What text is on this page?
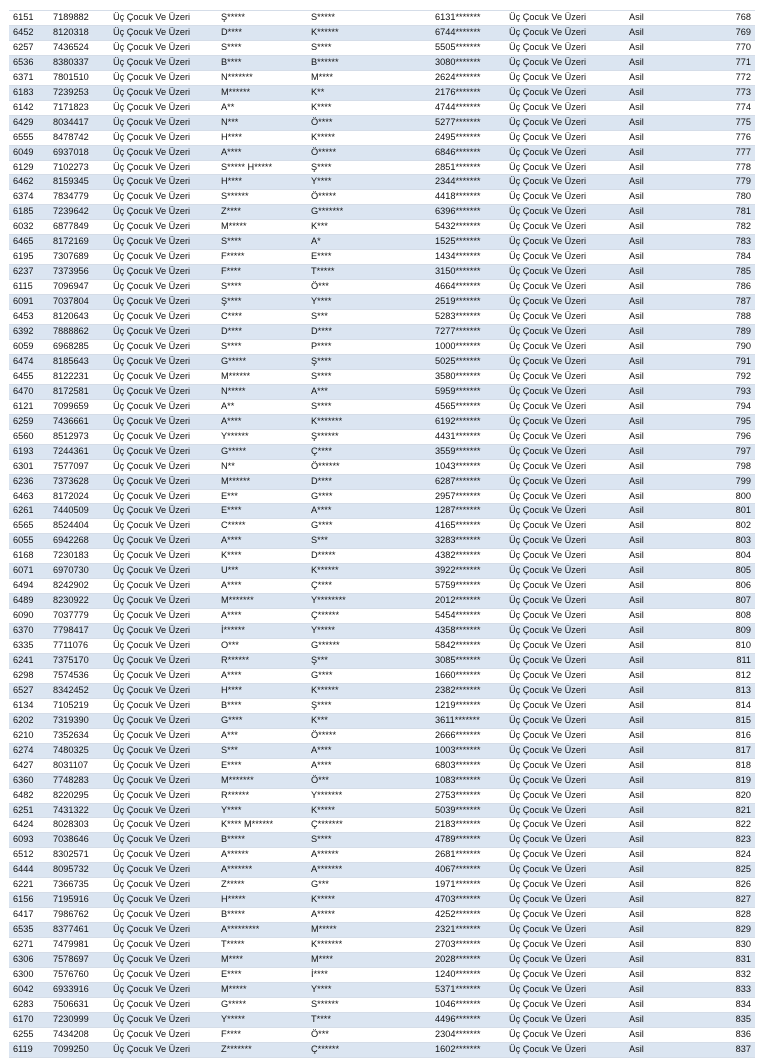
6151	7189882	Üç Çocuk Ve Üzeri	Ş*****	S*****	6131*******	Üç Çocuk Ve Üzeri	Asil	768
6452	8120318	Üç Çocuk Ve Üzeri	D****	K******	6744*******	Üç Çocuk Ve Üzeri	Asil	769
6257	7436524	Üç Çocuk Ve Üzeri	S****	S****	5505*******	Üç Çocuk Ve Üzeri	Asil	770
6536	8380337	Üç Çocuk Ve Üzeri	B****	B******	3080*******	Üç Çocuk Ve Üzeri	Asil	771
6371	7801510	Üç Çocuk Ve Üzeri	N*******	M****	2624*******	Üç Çocuk Ve Üzeri	Asil	772
6183	7239253	Üç Çocuk Ve Üzeri	M******	K**	2176*******	Üç Çocuk Ve Üzeri	Asil	773
6142	7171823	Üç Çocuk Ve Üzeri	A**	K****	4744*******	Üç Çocuk Ve Üzeri	Asil	774
6429	8034417	Üç Çocuk Ve Üzeri	N***	Ö****	5277*******	Üç Çocuk Ve Üzeri	Asil	775
6555	8478742	Üç Çocuk Ve Üzeri	H****	K*****	2495*******	Üç Çocuk Ve Üzeri	Asil	776
6049	6937018	Üç Çocuk Ve Üzeri	A****	Ö*****	6846*******	Üç Çocuk Ve Üzeri	Asil	777
6129	7102273	Üç Çocuk Ve Üzeri	S***** H*****	Ş****	2851*******	Üç Çocuk Ve Üzeri	Asil	778
6462	8159345	Üç Çocuk Ve Üzeri	H****	Y****	2344*******	Üç Çocuk Ve Üzeri	Asil	779
6374	7834779	Üç Çocuk Ve Üzeri	S******	Ö*****	4418*******	Üç Çocuk Ve Üzeri	Asil	780
6185	7239642	Üç Çocuk Ve Üzeri	Z****	G*******	6396*******	Üç Çocuk Ve Üzeri	Asil	781
6032	6877849	Üç Çocuk Ve Üzeri	M*****	K***	5432*******	Üç Çocuk Ve Üzeri	Asil	782
6465	8172169	Üç Çocuk Ve Üzeri	S****	A*	1525*******	Üç Çocuk Ve Üzeri	Asil	783
6195	7307689	Üç Çocuk Ve Üzeri	F*****	E****	1434*******	Üç Çocuk Ve Üzeri	Asil	784
6237	7373956	Üç Çocuk Ve Üzeri	F****	T*****	3150*******	Üç Çocuk Ve Üzeri	Asil	785
6115	7096947	Üç Çocuk Ve Üzeri	S****	Ö***	4664*******	Üç Çocuk Ve Üzeri	Asil	786
6091	7037804	Üç Çocuk Ve Üzeri	Ş****	Y****	2519*******	Üç Çocuk Ve Üzeri	Asil	787
6453	8120643	Üç Çocuk Ve Üzeri	C****	S***	5283*******	Üç Çocuk Ve Üzeri	Asil	788
6392	7888862	Üç Çocuk Ve Üzeri	D****	D****	7277*******	Üç Çocuk Ve Üzeri	Asil	789
6059	6968285	Üç Çocuk Ve Üzeri	S****	P****	1000*******	Üç Çocuk Ve Üzeri	Asil	790
6474	8185643	Üç Çocuk Ve Üzeri	G*****	Ş****	5025*******	Üç Çocuk Ve Üzeri	Asil	791
6455	8122231	Üç Çocuk Ve Üzeri	M******	S****	3580*******	Üç Çocuk Ve Üzeri	Asil	792
6470	8172581	Üç Çocuk Ve Üzeri	N*****	A***	5959*******	Üç Çocuk Ve Üzeri	Asil	793
6121	7099659	Üç Çocuk Ve Üzeri	A**	S****	4565*******	Üç Çocuk Ve Üzeri	Asil	794
6259	7436661	Üç Çocuk Ve Üzeri	A****	K*******	6192*******	Üç Çocuk Ve Üzeri	Asil	795
6560	8512973	Üç Çocuk Ve Üzeri	Y******	Ş******	4431*******	Üç Çocuk Ve Üzeri	Asil	796
6193	7244361	Üç Çocuk Ve Üzeri	G*****	Ç****	3559*******	Üç Çocuk Ve Üzeri	Asil	797
6301	7577097	Üç Çocuk Ve Üzeri	N**	Ö******	1043*******	Üç Çocuk Ve Üzeri	Asil	798
6236	7373628	Üç Çocuk Ve Üzeri	M******	D****	6287*******	Üç Çocuk Ve Üzeri	Asil	799
6463	8172024	Üç Çocuk Ve Üzeri	E***	G****	2957*******	Üç Çocuk Ve Üzeri	Asil	800
6261	7440509	Üç Çocuk Ve Üzeri	E****	A****	1287*******	Üç Çocuk Ve Üzeri	Asil	801
6565	8524404	Üç Çocuk Ve Üzeri	C*****	G****	4165*******	Üç Çocuk Ve Üzeri	Asil	802
6055	6942268	Üç Çocuk Ve Üzeri	A****	S***	3283*******	Üç Çocuk Ve Üzeri	Asil	803
6168	7230183	Üç Çocuk Ve Üzeri	K****	D*****	4382*******	Üç Çocuk Ve Üzeri	Asil	804
6071	6970730	Üç Çocuk Ve Üzeri	U***	K******	3922*******	Üç Çocuk Ve Üzeri	Asil	805
6494	8242902	Üç Çocuk Ve Üzeri	A****	Ç****	5759*******	Üç Çocuk Ve Üzeri	Asil	806
6489	8230922	Üç Çocuk Ve Üzeri	M*******	Y********	2012*******	Üç Çocuk Ve Üzeri	Asil	807
6090	7037779	Üç Çocuk Ve Üzeri	A****	Ç******	5454*******	Üç Çocuk Ve Üzeri	Asil	808
6370	7798417	Üç Çocuk Ve Üzeri	İ******	Y*****	4358*******	Üç Çocuk Ve Üzeri	Asil	809
6335	7711076	Üç Çocuk Ve Üzeri	O***	G******	5842*******	Üç Çocuk Ve Üzeri	Asil	810
6241	7375170	Üç Çocuk Ve Üzeri	R******	Ş***	3085*******	Üç Çocuk Ve Üzeri	Asil	811
6298	7574536	Üç Çocuk Ve Üzeri	A****	G****	1660*******	Üç Çocuk Ve Üzeri	Asil	812
6527	8342452	Üç Çocuk Ve Üzeri	H****	K******	2382*******	Üç Çocuk Ve Üzeri	Asil	813
6134	7105219	Üç Çocuk Ve Üzeri	B****	Ş****	1219*******	Üç Çocuk Ve Üzeri	Asil	814
6202	7319390	Üç Çocuk Ve Üzeri	G****	K***	3611*******	Üç Çocuk Ve Üzeri	Asil	815
6210	7352634	Üç Çocuk Ve Üzeri	A***	Ö*****	2666*******	Üç Çocuk Ve Üzeri	Asil	816
6274	7480325	Üç Çocuk Ve Üzeri	S***	A****	1003*******	Üç Çocuk Ve Üzeri	Asil	817
6427	8031107	Üç Çocuk Ve Üzeri	E****	A****	6803*******	Üç Çocuk Ve Üzeri	Asil	818
6360	7748283	Üç Çocuk Ve Üzeri	M*******	Ö***	1083*******	Üç Çocuk Ve Üzeri	Asil	819
6482	8220295	Üç Çocuk Ve Üzeri	R******	Y*******	2753*******	Üç Çocuk Ve Üzeri	Asil	820
6251	7431322	Üç Çocuk Ve Üzeri	Y****	K*****	5039*******	Üç Çocuk Ve Üzeri	Asil	821
6424	8028303	Üç Çocuk Ve Üzeri	K**** M******	Ç*******	2183*******	Üç Çocuk Ve Üzeri	Asil	822
6093	7038646	Üç Çocuk Ve Üzeri	B*****	S****	4789*******	Üç Çocuk Ve Üzeri	Asil	823
6512	8302571	Üç Çocuk Ve Üzeri	A******	A******	2681*******	Üç Çocuk Ve Üzeri	Asil	824
6444	8095732	Üç Çocuk Ve Üzeri	A*******	A*******	4067*******	Üç Çocuk Ve Üzeri	Asil	825
6221	7366735	Üç Çocuk Ve Üzeri	Z*****	G***	1971*******	Üç Çocuk Ve Üzeri	Asil	826
6156	7195916	Üç Çocuk Ve Üzeri	H*****	K*****	4703*******	Üç Çocuk Ve Üzeri	Asil	827
6417	7986762	Üç Çocuk Ve Üzeri	B*****	A*****	4252*******	Üç Çocuk Ve Üzeri	Asil	828
6535	8377461	Üç Çocuk Ve Üzeri	A*********	M*****	2321*******	Üç Çocuk Ve Üzeri	Asil	829
6271	7479981	Üç Çocuk Ve Üzeri	T*****	K*******	2703*******	Üç Çocuk Ve Üzeri	Asil	830
6306	7578697	Üç Çocuk Ve Üzeri	M****	M****	2028*******	Üç Çocuk Ve Üzeri	Asil	831
6300	7576760	Üç Çocuk Ve Üzeri	E****	İ****	1240*******	Üç Çocuk Ve Üzeri	Asil	832
6042	6933916	Üç Çocuk Ve Üzeri	M*****	Y****	5371*******	Üç Çocuk Ve Üzeri	Asil	833
6283	7506631	Üç Çocuk Ve Üzeri	G*****	S******	1046*******	Üç Çocuk Ve Üzeri	Asil	834
6170	7230999	Üç Çocuk Ve Üzeri	Y*****	T****	4496*******	Üç Çocuk Ve Üzeri	Asil	835
6255	7434208	Üç Çocuk Ve Üzeri	F****	Ö***	2304*******	Üç Çocuk Ve Üzeri	Asil	836
6119	7099250	Üç Çocuk Ve Üzeri	Z*******	Ç******	1602*******	Üç Çocuk Ve Üzeri	Asil	837
